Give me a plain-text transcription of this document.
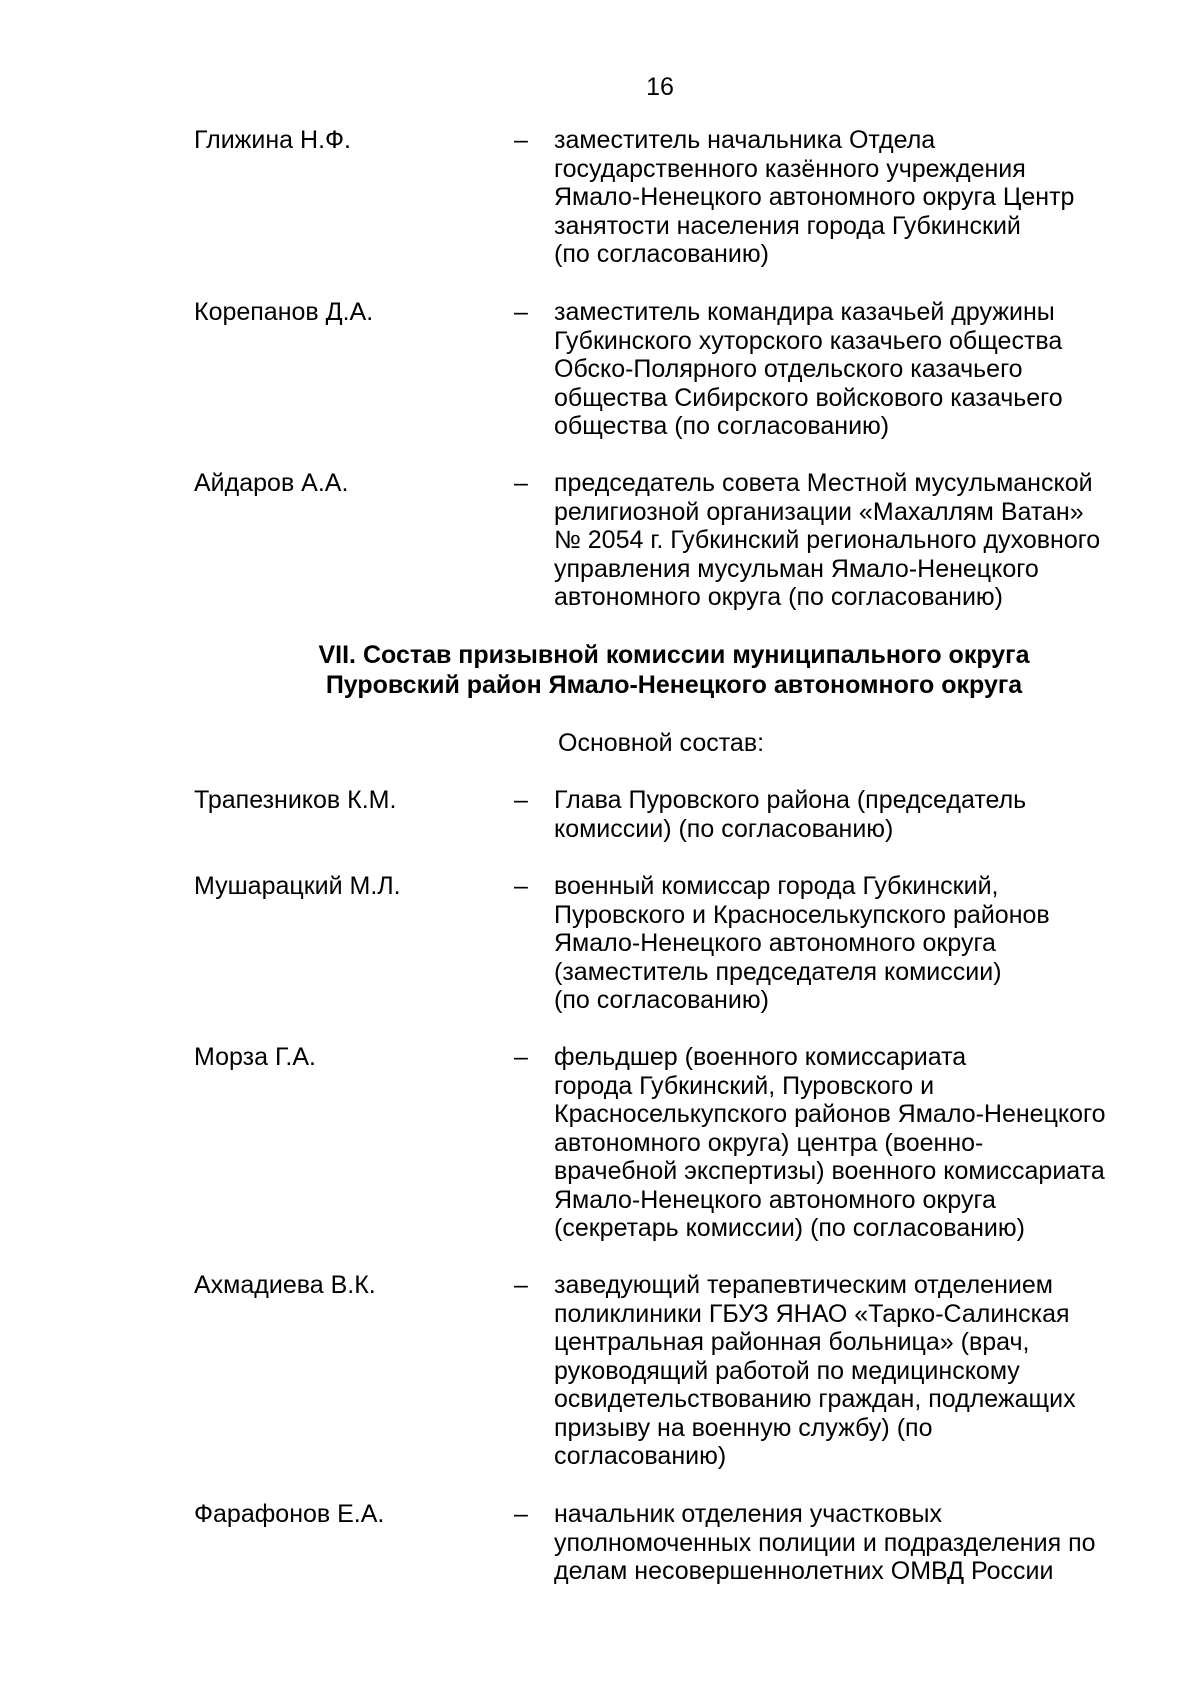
16
Глижина Н.Ф.	– заместитель начальника Отдела
государственного казённого учреждения
Ямало-Ненецкого автономного округа Центр
занятости населения города Губкинский
(по согласованию)
Корепанов Д.А.	– заместитель командира казачьей дружины
Губкинского хуторского казачьего общества
Обско-Полярного отдельского казачьего
общества Сибирского войскового казачьего
общества (по согласованию)
Айдаров А.А.	– председатель совета Местной мусульманской
религиозной организации «Махаллям Ватан»
№ 2054 г. Губкинский регионального духовного
управления мусульман Ямало-Ненецкого
автономного округа (по согласованию)
VII. Состав призывной комиссии муниципального округа
Пуровский район Ямало-Ненецкого автономного округа
Основной состав:
Трапезников К.М.	– Глава Пуровского района (председатель
комиссии) (по согласованию)
Мушарацкий М.Л.	– военный комиссар города Губкинский,
Пуровского и Красноселькупского районов
Ямало-Ненецкого автономного округа
(заместитель председателя комиссии)
(по согласованию)
Морза Г.А.	– фельдшер (военного комиссариата
города Губкинский, Пуровского и
Красноселькупского районов Ямало-Ненецкого
автономного округа) центра (военно-
врачебной экспертизы) военного комиссариата
Ямало-Ненецкого автономного округа
(секретарь комиссии) (по согласованию)
Ахмадиева В.К.	– заведующий терапевтическим отделением
поликлиники ГБУЗ ЯНАО «Тарко-Салинская
центральная районная больница» (врач,
руководящий работой по медицинскому
освидетельствованию граждан, подлежащих
призыву на военную службу) (по
согласованию)
Фарафонов Е.А.	– начальник отделения участковых
уполномоченных полиции и подразделения по
делам несовершеннолетних ОМВД России
